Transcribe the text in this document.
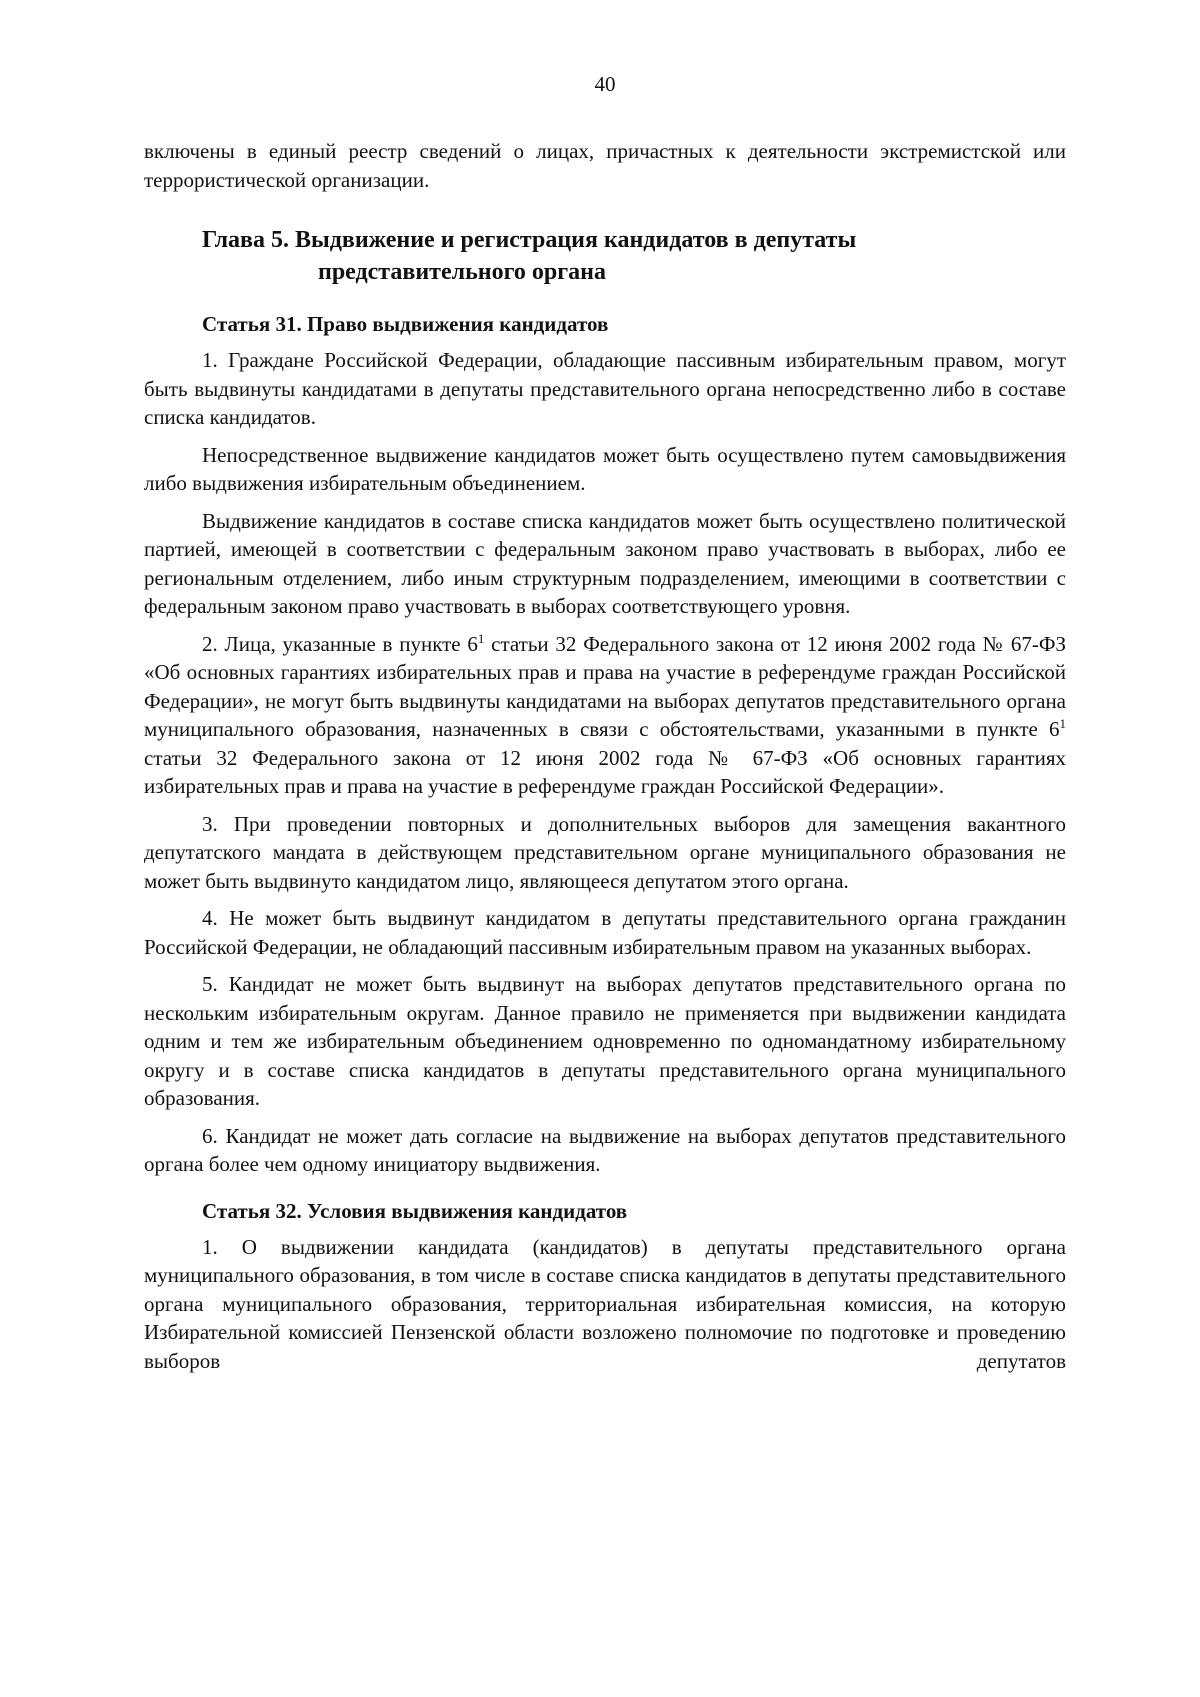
40

включены в единый реестр сведений о лицах, причастных к деятельности экстремистской или террористической организации.

Глава 5. Выдвижение и регистрация кандидатов в депутаты
представительного органа
Статья 31. Право выдвижения кандидатов

1. Граждане Российской Федерации, обладающие пассивным избирательным правом, могут быть выдвинуты кандидатами в депутаты представительного органа непосредственно либо в составе списка кандидатов.

Непосредственное выдвижение кандидатов может быть осуществлено путем самовыдвижения либо выдвижения избирательным объединением.

Выдвижение кандидатов в составе списка кандидатов может быть осуществлено политической партией, имеющей в соответствии с федеральным законом право участвовать в выборах, либо ее региональным отделением, либо иным структурным подразделением, имеющими в соответствии с федеральным законом право участвовать в выборах соответствующего уровня.

2. Лица, указанные в пункте $6^1$ статьи 32 Федерального закона от 12 июня 2002 года № 67-ФЗ «Об основных гарантиях избирательных прав и права на участие в референдуме граждан Российской Федерации», не могут быть выдвинуты кандидатами на выборах депутатов представительного органа муниципального образования, назначенных в связи с обстоятельствами, указанными в пункте $6^1$ статьи 32 Федерального закона от 12 июня 2002 года № 67-ФЗ «Об основных гарантиях избирательных прав и права на участие в референдуме граждан Российской Федерации».

3. При проведении повторных и дополнительных выборов для замещения вакантного депутатского мандата в действующем представительном органе муниципального образования не может быть выдвинуто кандидатом лицо, являющееся депутатом этого органа.

4. Не может быть выдвинут кандидатом в депутаты представительного органа гражданин Российской Федерации, не обладающий пассивным избирательным правом на указанных выборах.

5. Кандидат не может быть выдвинут на выборах депутатов представительного органа по нескольким избирательным округам. Данное правило не применяется при выдвижении кандидата одним и тем же избирательным объединением одновременно по одномандатному избирательному округу и в составе списка кандидатов в депутаты представительного органа муниципального образования.

6. Кандидат не может дать согласие на выдвижение на выборах депутатов представительного органа более чем одному инициатору выдвижения.

Статья 32. Условия выдвижения кандидатов

1. О выдвижении кандидата (кандидатов) в депутаты представительного органа муниципального образования, в том числе в составе списка кандидатов в депутаты представительного органа муниципального образования, территориальная избирательная комиссия, на которую Избирательной комиссией Пензенской области возложено полномочие по подготовке и проведению выборов депутатов
